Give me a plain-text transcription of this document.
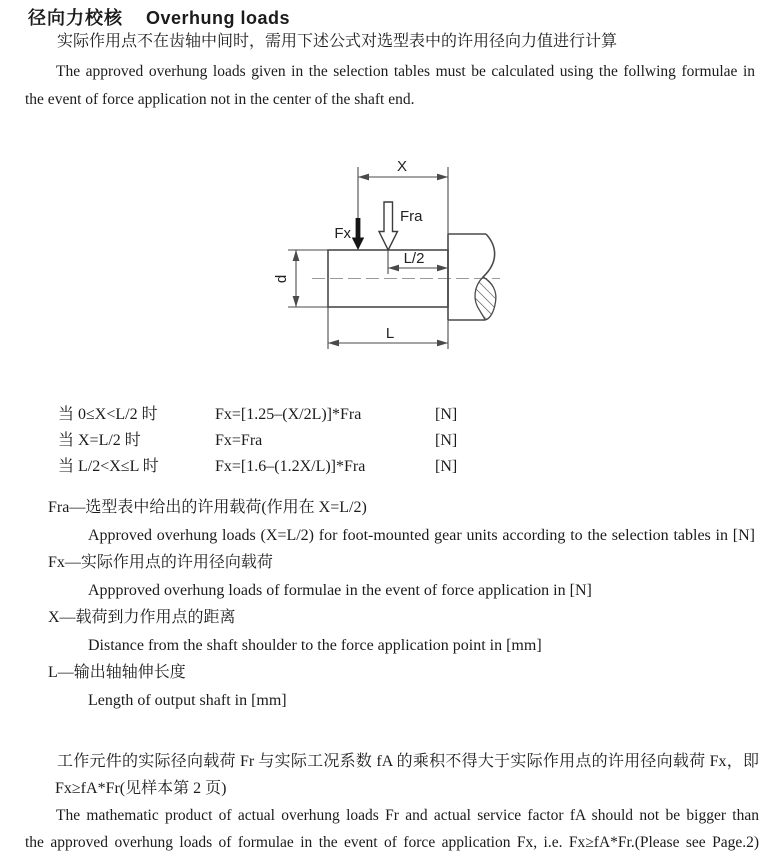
径向力校核 Overhung loads
实际作用点不在齿轴中间时，需用下述公式对选型表中的许用径向力值进行计算
The approved overhung loads given in the selection tables must be calculated using the follwing formulae in
the event of force application not in the center of the shaft end.
X
Fx
Fra
L/2
d
L
当 0≤X<L/2 时	Fx=[1.25–(X/2L)]*Fra	[N]
当 X=L/2 时	Fx=Fra	[N]
当 L/2<X≤L 时	Fx=[1.6–(1.2X/L)]*Fra	[N]
Fra—选型表中给出的许用载荷(作用在 X=L/2)
Approved overhung loads (X=L/2) for foot-mounted gear units according to the selection tables in [N]
Fx—实际作用点的许用径向载荷
Appproved overhung loads of formulae in the event of force application in [N]
X—载荷到力作用点的距离
Distance from the shaft shoulder to the force application point in [mm]
L—输出轴轴伸长度
Length of output shaft in [mm]
工作元件的实际径向载荷 Fr 与实际工况系数 fA 的乘积不得大于实际作用点的许用径向载荷 Fx，即
Fx≥fA*Fr(见样本第 2 页)
The mathematic product of actual overhung loads Fr and actual service factor fA should not be bigger than
the approved overhung loads of formulae in the event of force application Fx, i.e. Fx≥fA*Fr.(Please see Page.2)
